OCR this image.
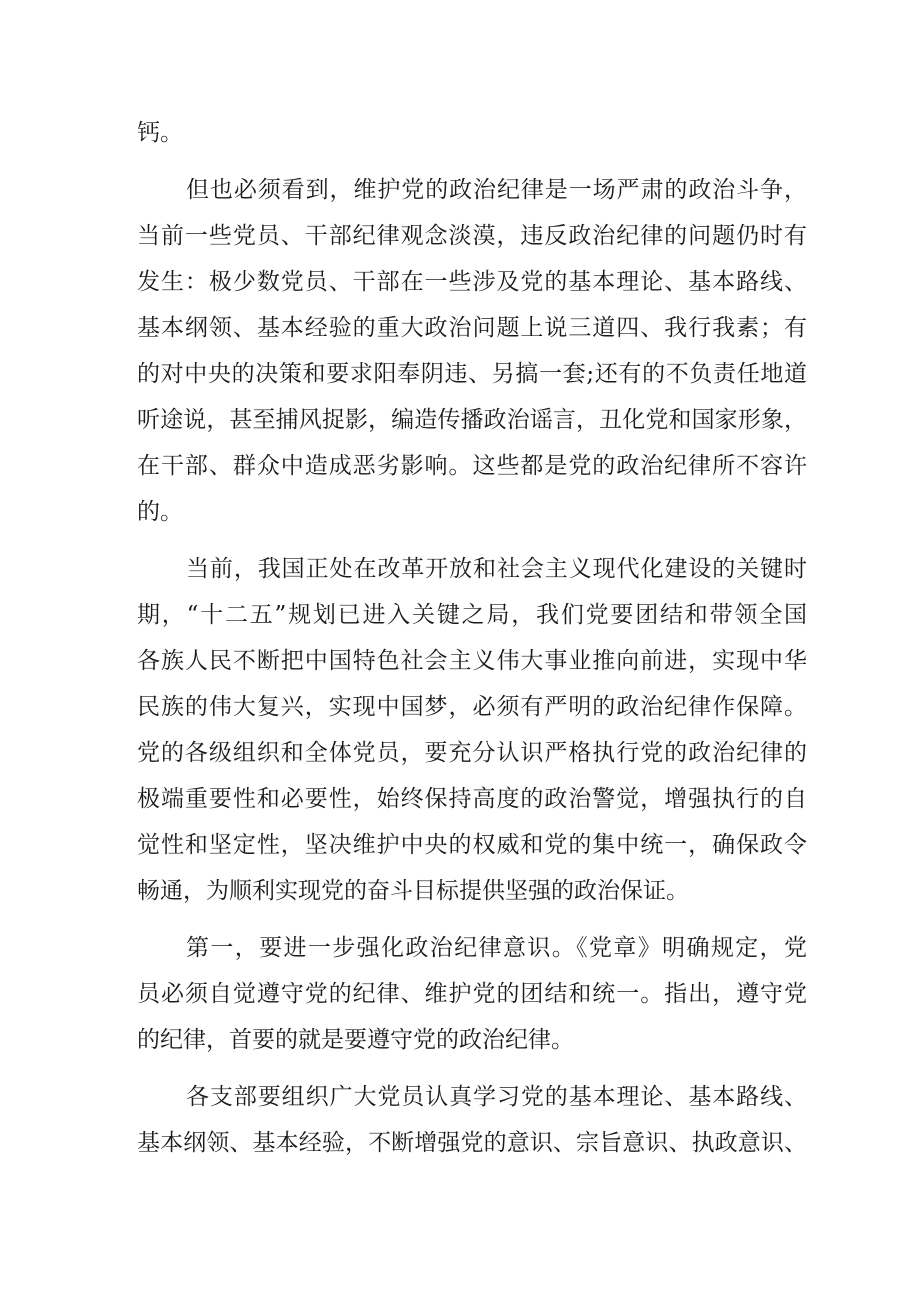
钙。
但也必须看到，维护党的政治纪律是一场严肃的政治斗争，
当前一些党员、干部纪律观念淡漠，违反政治纪律的问题仍时有
发生：极少数党员、干部在一些涉及党的基本理论、基本路线、
基本纲领、基本经验的重大政治问题上说三道四、我行我素；有
的对中央的决策和要求阳奉阴违、另搞一套;还有的不负责任地道
听途说，甚至捕风捉影，编造传播政治谣言，丑化党和国家形象，
在干部、群众中造成恶劣影响。这些都是党的政治纪律所不容许
的。
当前，我国正处在改革开放和社会主义现代化建设的关键时
期，“十二五”规划已进入关键之局，我们党要团结和带领全国
各族人民不断把中国特色社会主义伟大事业推向前进，实现中华
民族的伟大复兴，实现中国梦，必须有严明的政治纪律作保障。
党的各级组织和全体党员，要充分认识严格执行党的政治纪律的
极端重要性和必要性，始终保持高度的政治警觉，增强执行的自
觉性和坚定性，坚决维护中央的权威和党的集中统一，确保政令
畅通，为顺利实现党的奋斗目标提供坚强的政治保证。
第一，要进一步强化政治纪律意识。《党章》明确规定，党
员必须自觉遵守党的纪律、维护党的团结和统一。指出，遵守党
的纪律，首要的就是要遵守党的政治纪律。
各支部要组织广大党员认真学习党的基本理论、基本路线、
基本纲领、基本经验，不断增强党的意识、宗旨意识、执政意识、
